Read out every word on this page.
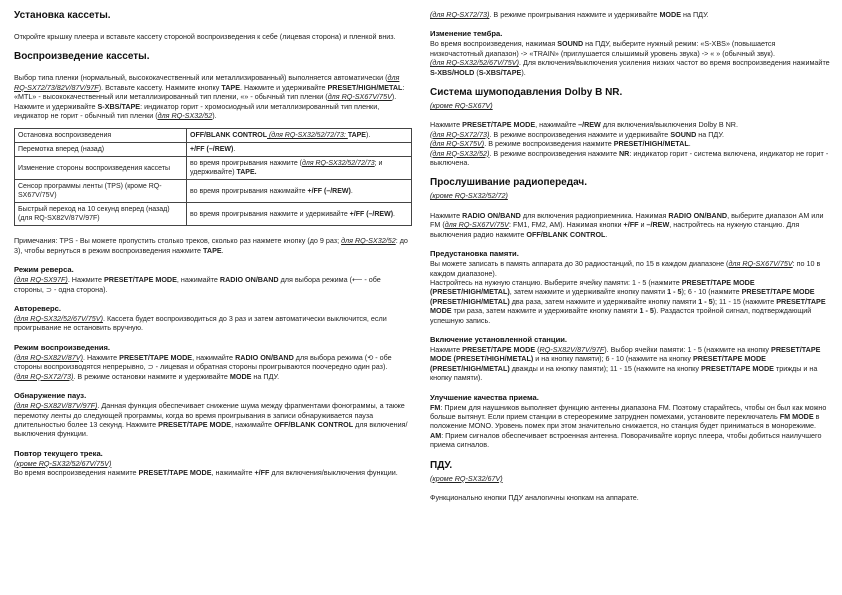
Установка кассеты.

Откройте крышку плеера и вставьте кассету стороной воспроизведения к себе (лицевая сторона) и пленкой вниз.

Воспроизведение кассеты.

Выбор типа пленки (нормальный, высококачественный или металлизированный) выполняется автоматически (для RQ-SX72/73/82V/87V/97F). Вставьте кассету. Нажмите кнопку TAPE. Нажмите и удерживайте PRESET/HIGH/METAL: «MTL» - высококачественный или металлизированный тип пленки, «» - обычный тип пленки (для RQ-SX67V/75V). Нажмите и удерживайте S-XBS/TAPE: индикатор горит - хромосиодный или металлизированный тип пленки, индикатор не горит - обычный тип пленки (для RQ-SX32/52).

Остановка воспроизведения	OFF/BLANK CONTROL (для RQ-SX32/52/72/73: TAPE).
Перемотка вперед (назад)	+/FF (–/REW).
Изменение стороны воспроизведения кассеты	во время проигрывания нажмите (для RQ-SX32/52/72/73; и удерживайте) TAPE.
Сенсор программы ленты (TPS) (кроме RQ-SX67V/75V)	во время проигрывания нажимайте +/FF (–/REW).
Быстрый переход на 10 секунд вперед (назад) (для RQ-SX82V/87V/97F)	во время проигрывания нажмите и удерживайте +/FF (–/REW).

Примечания: TPS - Вы можете пропустить столько треков, сколько раз нажмете кнопку (до 9 раз; для RQ-SX32/52: до 3), чтобы вернуться в режим воспроизведения нажмите TAPE.

Режим реверса.

(для RQ-SX97F). Нажмите PRESET/TAPE MODE, нажимайте RADIO ON/BAND для выбора режима (⟵ - обе стороны, ⊃ - одна сторона).

Автореверс.

(для RQ-SX32/52/67V/75V). Кассета будет воспроизводиться до 3 раз и затем автоматически выключится, если проигрывание не остановить вручную.

Режим воспроизведения.

(для RQ-SX82V/87V). Нажмите PRESET/TAPE MODE, нажимайте RADIO ON/BAND для выбора режима (⟲ - обе стороны воспроизводятся непрерывно, ⊃ - лицевая и обратная стороны проигрываются поочередно один раз).

(для RQ-SX72/73). В режиме остановки нажмите и удерживайте MODE на ПДУ.

Обнаружение пауз.

(для RQ-SX82V/87V/97F). Данная функция обеспечивает снижение шума между фрагментами фонограммы, а также перемотку ленты до следующей программы, когда во время проигрывания в записи обнаруживается пауза длительностью более 13 секунд. Нажмите PRESET/TAPE MODE, нажимайте OFF/BLANK CONTROL для включения/выключения функции.

Повтор текущего трека.

(кроме RQ-SX32/52/67V/75V)

Во время воспроизведения нажмите PRESET/TAPE MODE, нажимайте +/FF для включения/выключения функции.

(для RQ-SX72/73). В режиме проигрывания нажмите и удерживайте MODE на ПДУ.

Изменение тембра.

Во время воспроизведения, нажимая SOUND на ПДУ, выберите нужный режим: «S-XBS» (повышается низкочастотный диапазон) -> «TRAIN» (приглушается слышимый уровень звука) -> « » (обычный звук).

(для RQ-SX32/52/67V/75V). Для включения/выключения усиления низких частот во время воспроизведения нажимайте S-XBS/HOLD (S-XBS/TAPE).

Система шумоподавления Dolby B NR.

(кроме RQ-SX67V)

Нажмите PRESET/TAPE MODE, нажимайте –/REW для включения/выключения Dolby B NR.

(для RQ-SX72/73). В режиме воспроизведения нажмите и удерживайте SOUND на ПДУ.

(для RQ-SX75V). В режиме воспроизведения нажмите PRESET/HIGH/METAL.

(для RQ-SX32/52). В режиме воспроизведения нажмите NR: индикатор горит - система включена, индикатор не горит - выключена.

Прослушивание радиопередач.

(кроме RQ-SX32/52/72)

Нажмите RADIO ON/BAND для включения радиоприемника. Нажимая RADIO ON/BAND, выберите диапазон AM или FM (для RQ-SX67V/75V: FM1, FM2, AM). Нажимая кнопки +/FF и –/REW, настройтесь на нужную станцию. Для выключения радио нажмите OFF/BLANK CONTROL.

Предустановка памяти.

Вы можете записать в память аппарата до 30 радиостанций, по 15 в каждом диапазоне (для RQ-SX67V/75V: по 10 в каждом диапазоне).

Настройтесь на нужную станцию. Выберите ячейку памяти: 1 - 5 (нажмите PRESET/TAPE MODE (PRESET/HIGH/METAL), затем нажмите и удерживайте кнопку памяти 1 - 5); 6 - 10 (нажмите PRESET/TAPE MODE (PRESET/HIGH/METAL) два раза, затем нажмите и удерживайте кнопку памяти 1 - 5); 11 - 15 (нажмите PRESET/TAPE MODE три раза, затем нажмите и удерживайте кнопку памяти 1 - 5). Раздастся тройной сигнал, подтверждающий успешную запись.

Включение установленной станции.

Нажмите PRESET/TAPE MODE (RQ-SX82V/87V/97F). Выбор ячейки памяти: 1 - 5 (нажмите на кнопку PRESET/TAPE MODE (PRESET/HIGH/METAL) и на кнопку памяти); 6 - 10 (нажмите на кнопку PRESET/TAPE MODE (PRESET/HIGH/METAL) дважды и на кнопку памяти); 11 - 15 (нажмите на кнопку PRESET/TAPE MODE трижды и на кнопку памяти).

Улучшение качества приема.

FM: Прием для наушников выполняет функцию антенны диапазона FM. Поэтому старайтесь, чтобы он был как можно больше вытянут. Если прием станции в стереорежиме затруднен помехами, установите переключатель FM MODE в положение MONO. Уровень помех при этом значительно снижается, но станция будет приниматься в монорежиме.

AM: Прием сигналов обеспечивает встроенная антенна. Поворачивайте корпус плеера, чтобы добиться наилучшего приема сигналов.

ПДУ.

(кроме RQ-SX32/67V)

Функционально кнопки ПДУ аналогичны кнопкам на аппарате.
